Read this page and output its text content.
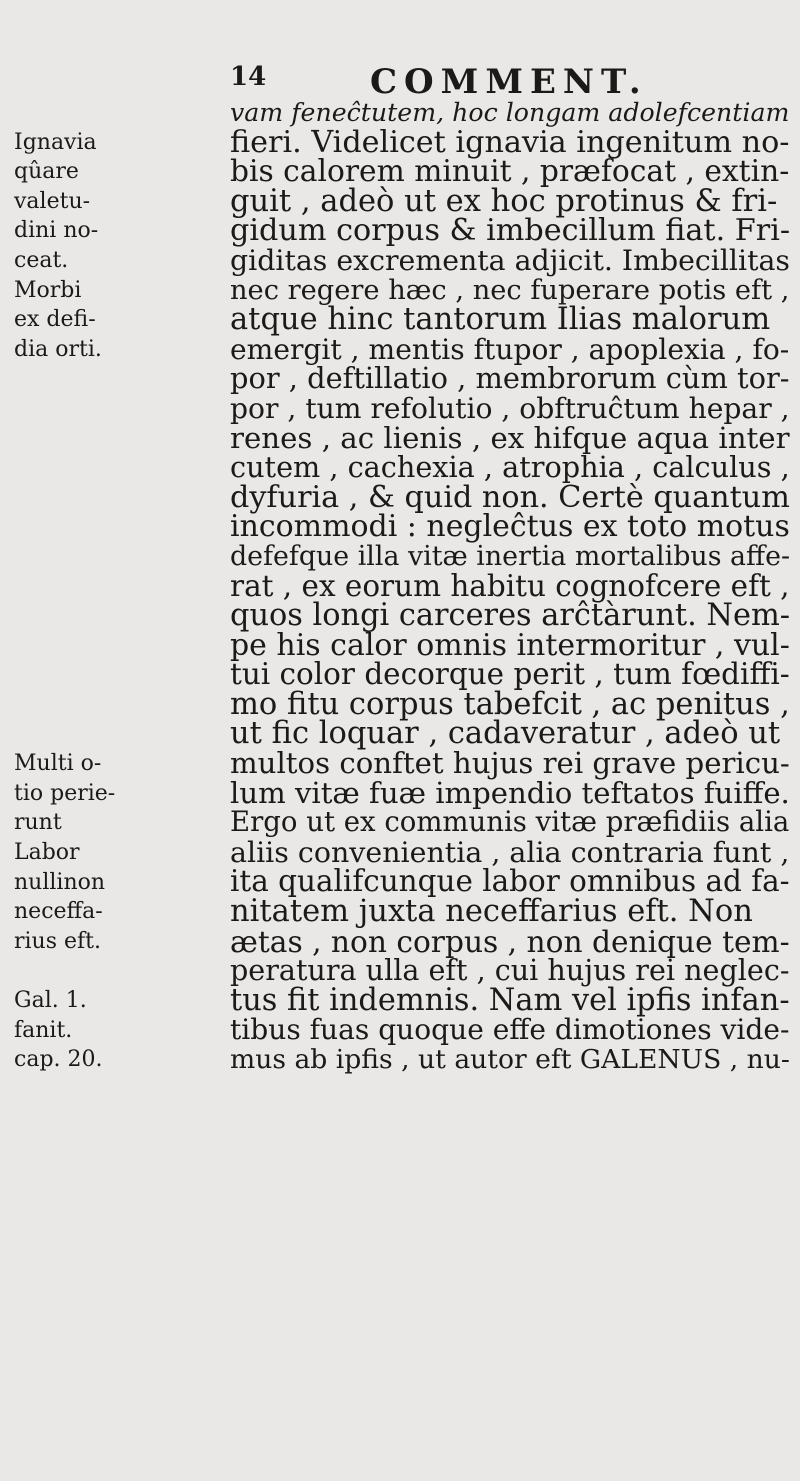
14	COMMENT.
Ignavia
qûare
valetu-
dini no-
ceat.
Morbi
ex defi-
dia orti.
Multi o-
tio perie-
runt
Labor
nullinon
neceffa-
rius eft.
Gal. 1.
fanit.
cap. 20.
vam feneĉtutem, hoc longam adolefcentiam
fieri. Videlicet ignavia ingenitum no-
bis calorem minuit , præfocat , extin-
guit , adeò ut ex hoc protinus & fri-
gidum corpus & imbecillum fiat. Fri-
giditas excrementa adjicit. Imbecillitas
nec regere hæc , nec fuperare potis eft ,
atque hinc tantorum Ilias malorum
emergit , mentis ftupor , apoplexia , fo-
por , deftillatio , membrorum cùm tor-
por , tum refolutio , obftruĉtum hepar ,
renes , ac lienis , ex hifque aqua inter
cutem , cachexia , atrophia , calculus ,
dyfuria , & quid non. Certè quantum
incommodi : negleĉtus ex toto motus
defefque illa vitæ inertia mortalibus affe-
rat , ex eorum habitu cognofcere eft ,
quos longi carceres arĉtàrunt. Nem-
pe his calor omnis intermoritur , vul-
tui color decorque perit , tum fœdiffi-
mo fitu corpus tabefcit , ac penitus ,
ut fic loquar , cadaveratur , adeò ut
multos conftet hujus rei grave pericu-
lum vitæ fuæ impendio teftatos fuiffe.
Ergo ut ex communis vitæ præfidiis alia
aliis convenientia , alia contraria funt ,
ita qualifcunque labor omnibus ad fa-
nitatem juxta neceffarius eft. Non
ætas , non corpus , non denique tem-
peratura ulla eft , cui hujus rei neglec-
tus fit indemnis. Nam vel ipfis infan-
tibus fuas quoque effe dimotiones vide-
mus ab ipfis , ut autor eft GALENUS , nu-
